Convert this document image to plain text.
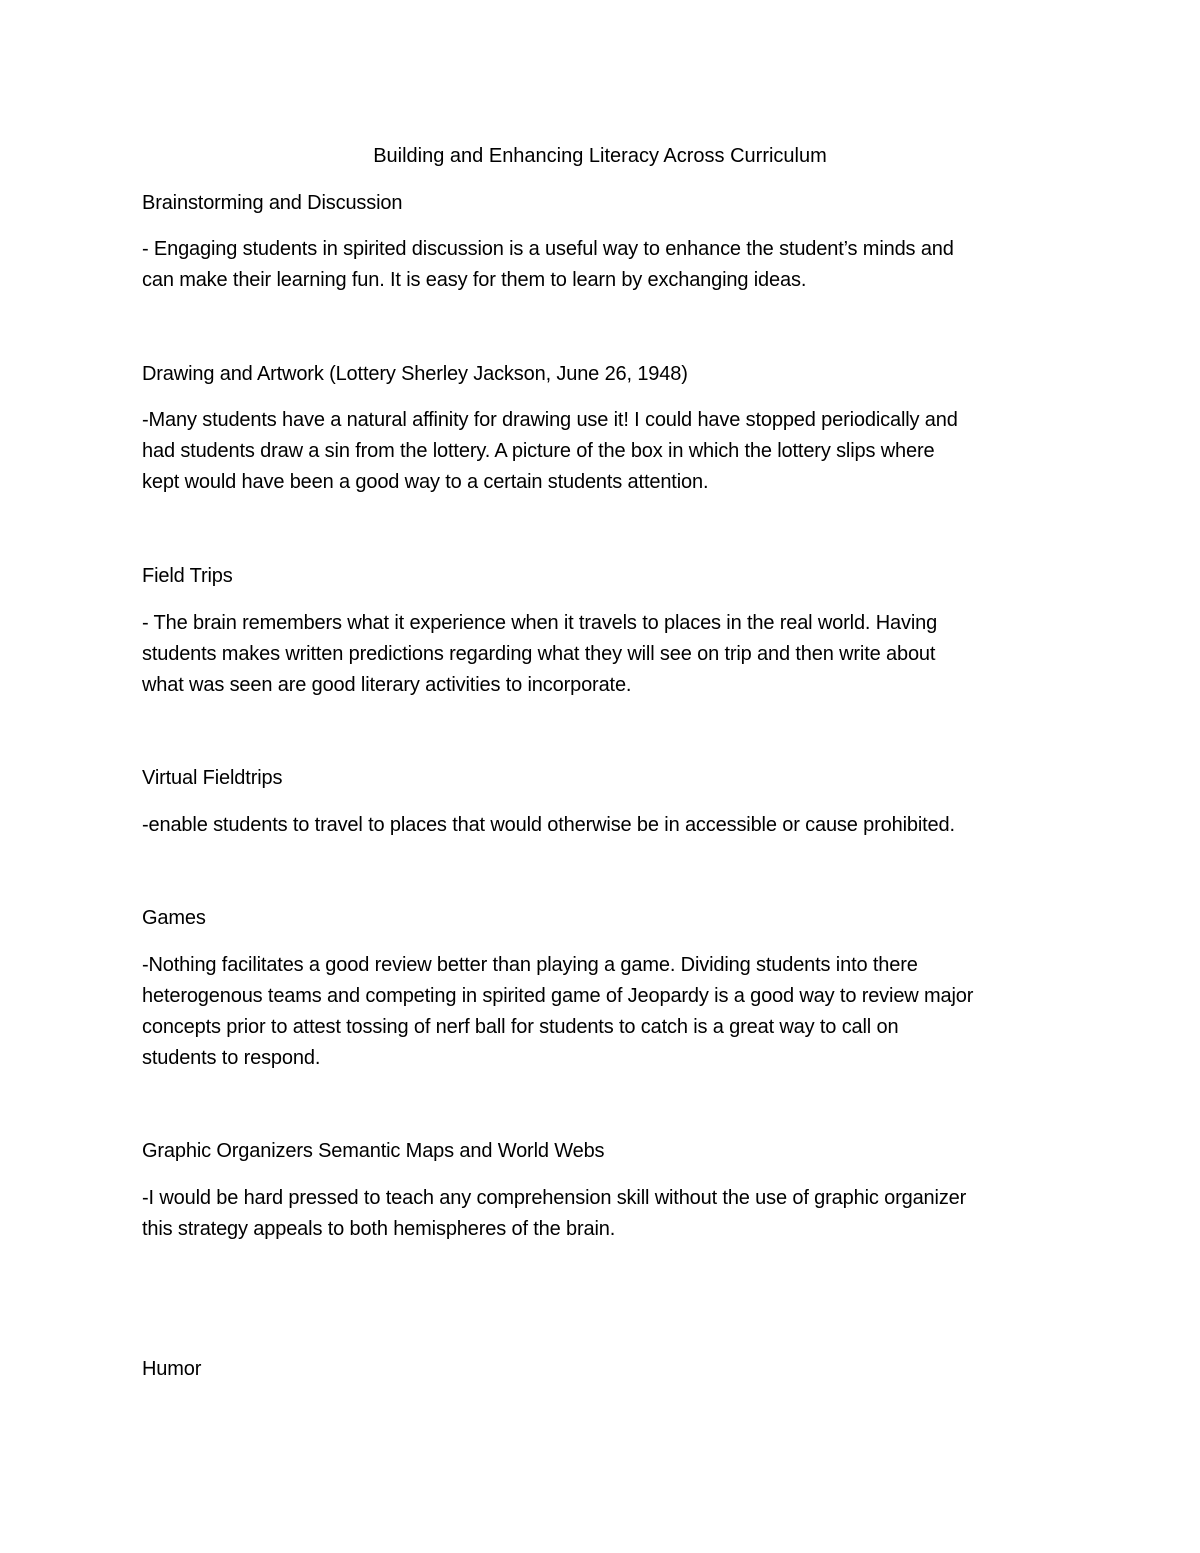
Building and Enhancing Literacy Across Curriculum
Brainstorming and Discussion
- Engaging students in spirited discussion is a useful way to enhance the student’s minds and
can make their learning fun. It is easy for them to learn by exchanging ideas.
Drawing and Artwork (Lottery Sherley Jackson, June 26, 1948)
-Many students have a natural affinity for drawing use it! I could have stopped periodically and
had students draw a sin from the lottery. A picture of the box in which the lottery slips where
kept would have been a good way to a certain students attention.
Field Trips
- The brain remembers what it experience when it travels to places in the real world. Having
students makes written predictions regarding what they will see on trip and then write about
what was seen are good literary activities to incorporate.
Virtual Fieldtrips
-enable students to travel to places that would otherwise be in accessible or cause prohibited.
Games
-Nothing facilitates a good review better than playing a game. Dividing students into there
heterogenous teams and competing in spirited game of Jeopardy is a good way to review major
concepts prior to attest tossing of nerf ball for students to catch is a great way to call on
students to respond.
Graphic Organizers Semantic Maps and World Webs
-I would be hard pressed to teach any comprehension skill without the use of graphic organizer
this strategy appeals to both hemispheres of the brain.
Humor
